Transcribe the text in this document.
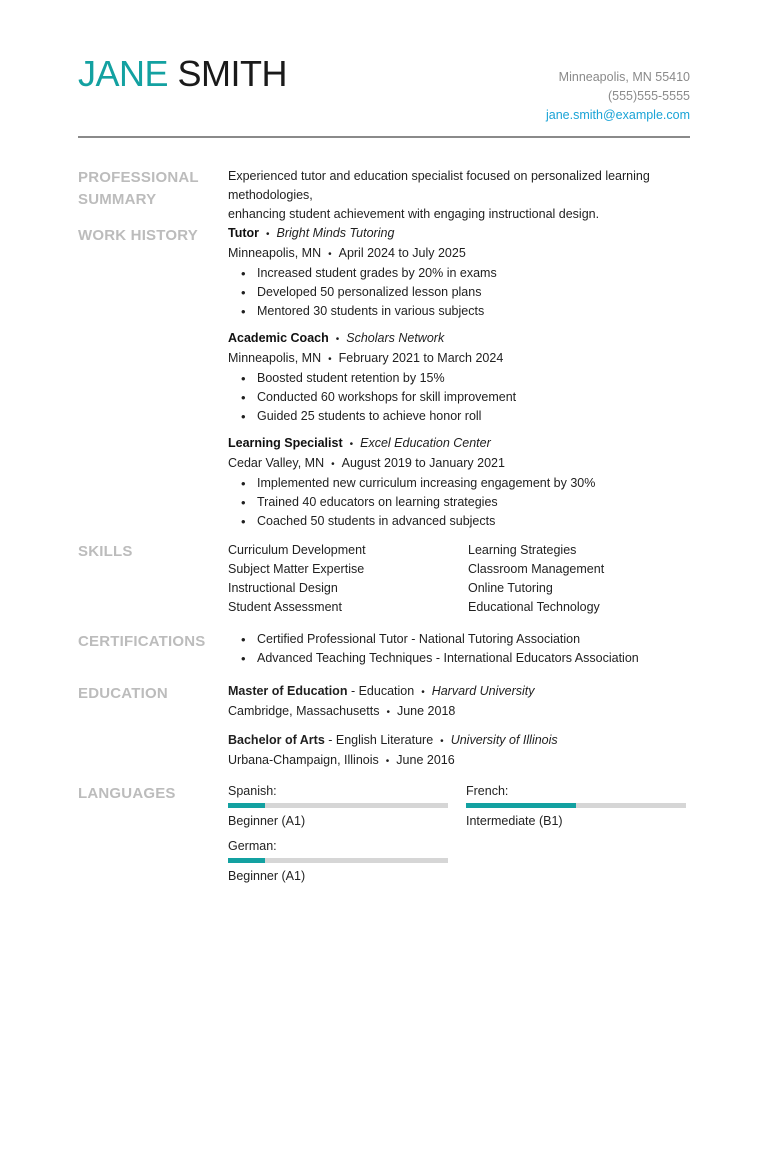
JANE SMITH	Minneapolis, MN 55410
(555)555-5555
jane.smith@example.com
PROFESSIONAL
SUMMARY
Experienced tutor and education specialist focused on personalized learning methodologies,
enhancing student achievement with engaging instructional design.
WORK HISTORY	Tutor • Bright Minds Tutoring
Minneapolis, MN • April 2024 to July 2025
• Increased student grades by 20% in exams
• Developed 50 personalized lesson plans
• Mentored 30 students in various subjects
Academic Coach • Scholars Network
Minneapolis, MN • February 2021 to March 2024
• Boosted student retention by 15%
• Conducted 60 workshops for skill improvement
• Guided 25 students to achieve honor roll
Learning Specialist • Excel Education Center
Cedar Valley, MN • August 2019 to January 2021
• Implemented new curriculum increasing engagement by 30%
• Trained 40 educators on learning strategies
• Coached 50 students in advanced subjects
SKILLS	Curriculum Development
Subject Matter Expertise
Instructional Design
Student Assessment
Learning Strategies
Classroom Management
Online Tutoring
Educational Technology
CERTIFICATIONS
•	Certified Professional Tutor - National Tutoring Association
• Advanced Teaching Techniques - International Educators Association
EDUCATION	Master of Education - Education • Harvard University
Cambridge, Massachusetts • June 2018
Bachelor of Arts - English Literature • University of Illinois
Urbana-Champaign, Illinois • June 2016
LANGUAGES	Spanish:
Beginner (A1)
French:
Intermediate (B1)
German:
Beginner (A1)
